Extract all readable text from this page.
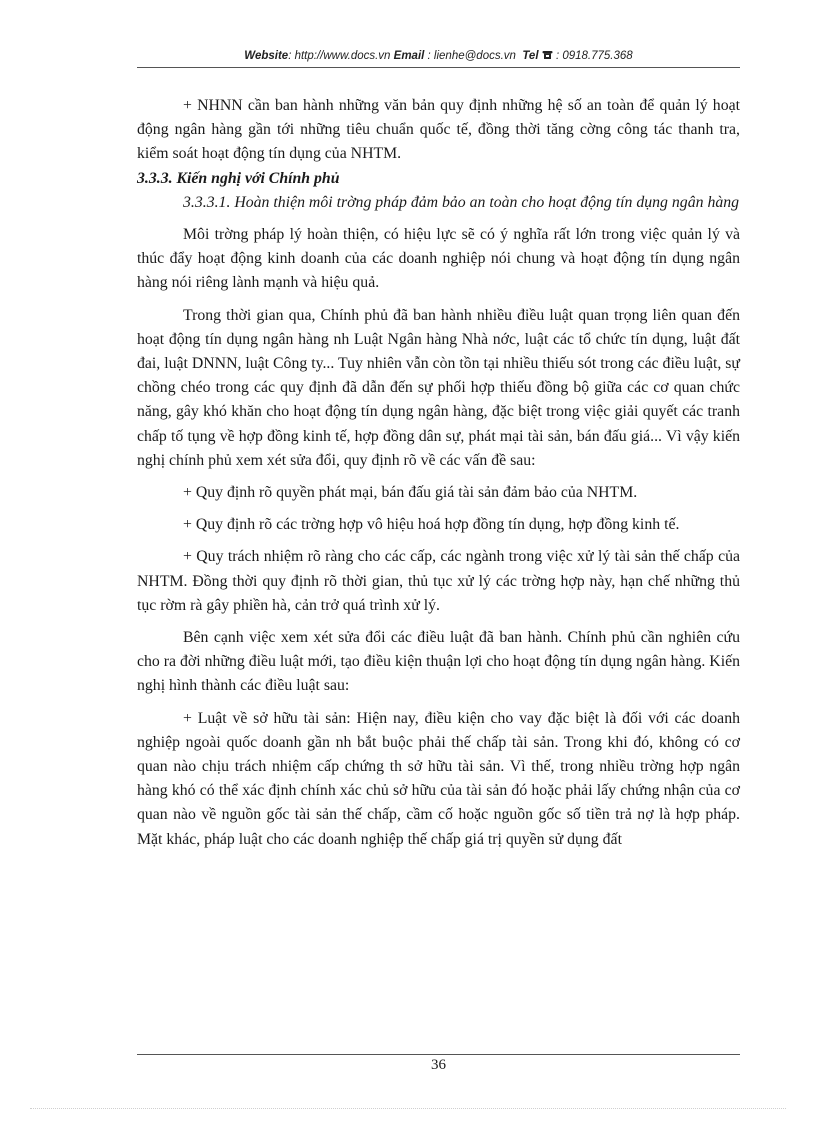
Website: http://www.docs.vn Email : lienhe@docs.vn Tel : 0918.775.368

+ NHNN cần ban hành những văn bản quy định những hệ số an toàn để quản lý hoạt động ngân hàng gần tới những tiêu chuẩn quốc tế, đồng thời tăng cờng công tác thanh tra, kiểm soát hoạt động tín dụng của NHTM.

3.3.3. Kiến nghị với Chính phủ

3.3.3.1. Hoàn thiện môi trờng pháp đảm bảo an toàn cho hoạt động tín dụng ngân hàng

Môi trờng pháp lý hoàn thiện, có hiệu lực sẽ có ý nghĩa rất lớn trong việc quản lý và thúc đẩy hoạt động kinh doanh của các doanh nghiệp nói chung và hoạt động tín dụng ngân hàng nói riêng lành mạnh và hiệu quả.

Trong thời gian qua, Chính phủ đã ban hành nhiều điều luật quan trọng liên quan đến hoạt động tín dụng ngân hàng nh Luật Ngân hàng Nhà nớc, luật các tổ chức tín dụng, luật đất đai, luật DNNN, luật Công ty... Tuy nhiên vẫn còn tồn tại nhiều thiếu sót trong các điều luật, sự chồng chéo trong các quy định đã dẫn đến sự phối hợp thiếu đồng bộ giữa các cơ quan chức năng, gây khó khăn cho hoạt động tín dụng ngân hàng, đặc biệt trong việc giải quyết các tranh chấp tố tụng về hợp đồng kinh tế, hợp đồng dân sự, phát mại tài sản, bán đấu giá... Vì vậy kiến nghị chính phủ xem xét sửa đổi, quy định rõ về các vấn đề sau:

+ Quy định rõ quyền phát mại, bán đấu giá tài sản đảm bảo của NHTM.

+ Quy định rõ các trờng hợp vô hiệu hoá hợp đồng tín dụng, hợp đồng kinh tế.

+ Quy trách nhiệm rõ ràng cho các cấp, các ngành trong việc xử lý tài sản thế chấp của NHTM. Đồng thời quy định rõ thời gian, thủ tục xử lý các trờng hợp này, hạn chế những thủ tục rờm rà gây phiền hà, cản trở quá trình xử lý.

Bên cạnh việc xem xét sửa đổi các điều luật đã ban hành. Chính phủ cần nghiên cứu cho ra đời những điều luật mới, tạo điều kiện thuận lợi cho hoạt động tín dụng ngân hàng. Kiến nghị hình thành các điều luật sau:

+ Luật về sở hữu tài sản: Hiện nay, điều kiện cho vay đặc biệt là đối với các doanh nghiệp ngoài quốc doanh gần nh bắt buộc phải thế chấp tài sản. Trong khi đó, không có cơ quan nào chịu trách nhiệm cấp chứng th sở hữu tài sản. Vì thế, trong nhiều trờng hợp ngân hàng khó có thể xác định chính xác chủ sở hữu của tài sản đó hoặc phải lấy chứng nhận của cơ quan nào về nguồn gốc tài sản thế chấp, cầm cố hoặc nguồn gốc số tiền trả nợ là hợp pháp. Mặt khác, pháp luật cho các doanh nghiệp thế chấp giá trị quyền sử dụng đất

36
